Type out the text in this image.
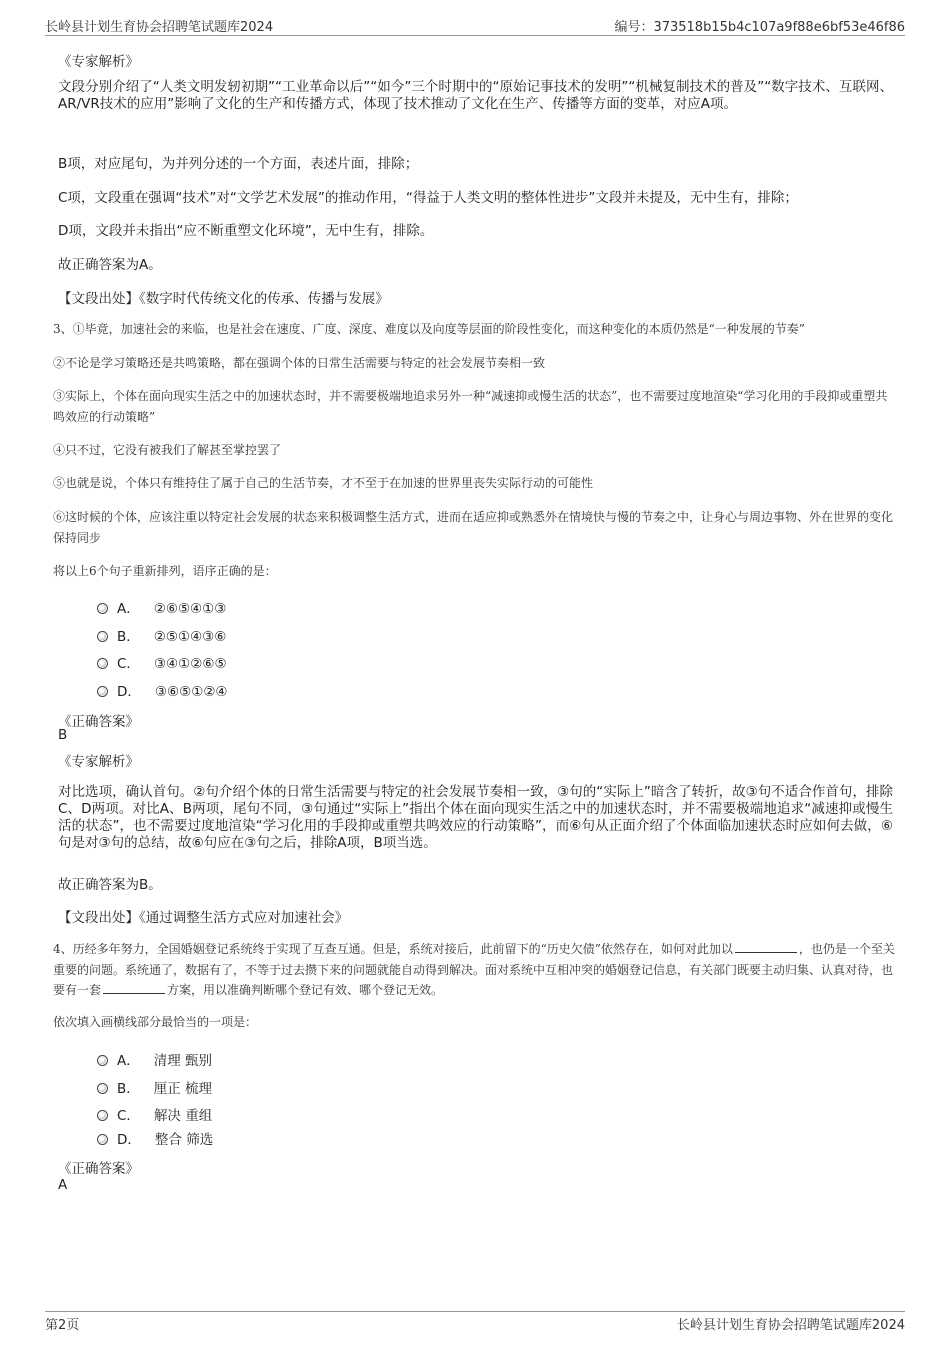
长岭县计划生育协会招聘笔试题库2024	编号：373518b15b4c107a9f88e6bf53e46f86
《专家解析》
文段分别介绍了“人类文明发轫初期”“工业革命以后”“如今”三个时期中的“原始记事技术的发明”“机械复制技术的普及”“数字技术、互联网、AR/VR技术的应用”影响了文化的生产和传播方式，体现了技术推动了文化在生产、传播等方面的变革，对应A项。
B项，对应尾句，为并列分述的一个方面，表述片面，排除；
C项，文段重在强调“技术”对“文学艺术发展”的推动作用，“得益于人类文明的整体性进步”文段并未提及，无中生有，排除；
D项，文段并未指出“应不断重塑文化环境”，无中生有，排除。
故正确答案为A。
【文段出处】《数字时代传统文化的传承、传播与发展》
3、①毕竟，加速社会的来临，也是社会在速度、广度、深度、难度以及向度等层面的阶段性变化，而这种变化的本质仍然是“一种发展的节奏”
②不论是学习策略还是共鸣策略，都在强调个体的日常生活需要与特定的社会发展节奏相一致
③实际上，个体在面向现实生活之中的加速状态时，并不需要极端地追求另外一种“减速抑或慢生活的状态”，也不需要过度地渲染“学习化用的手段抑或重塑共鸣效应的行动策略”
④只不过，它没有被我们了解甚至掌控罢了
⑤也就是说，个体只有维持住了属于自己的生活节奏，才不至于在加速的世界里丧失实际行动的可能性
⑥这时候的个体，应该注重以特定社会发展的状态来积极调整生活方式，进而在适应抑或熟悉外在情境快与慢的节奏之中，让身心与周边事物、外在世界的变化保持同步
将以上6个句子重新排列，语序正确的是：
A． ②⑥⑤④①③
B． ②⑤①④③⑥
C． ③④①②⑥⑤
D． ③⑥⑤①②④
《正确答案》
B
《专家解析》
对比选项，确认首句。②句介绍个体的日常生活需要与特定的社会发展节奏相一致，③句的“实际上”暗含了转折，故③句不适合作首句，排除C、D两项。对比A、B两项，尾句不同，③句通过“实际上”指出个体在面向现实生活之中的加速状态时，并不需要极端地追求“减速抑或慢生活的状态”，也不需要过度地渲染“学习化用的手段抑或重塑共鸣效应的行动策略”，而⑥句从正面介绍了个体面临加速状态时应如何去做，⑥句是对③句的总结，故⑥句应在③句之后，排除A项，B项当选。
故正确答案为B。
【文段出处】《通过调整生活方式应对加速社会》
4、历经多年努力，全国婚姻登记系统终于实现了互查互通。但是，系统对接后，此前留下的“历史欠债”依然存在，如何对此加以	，也仍是一个至关重要的问题。系统通了，数据有了，不等于过去攒下来的问题就能自动得到解决。面对系统中互相冲突的婚姻登记信息，有关部门既要主动归集、认真对待，也要有一套	方案，用以准确判断哪个登记有效、哪个登记无效。
依次填入画横线部分最恰当的一项是：
A． 清理 甄别
B． 厘正 梳理
C． 解决 重组
D． 整合 筛选
《正确答案》
A
第2页	长岭县计划生育协会招聘笔试题库2024
